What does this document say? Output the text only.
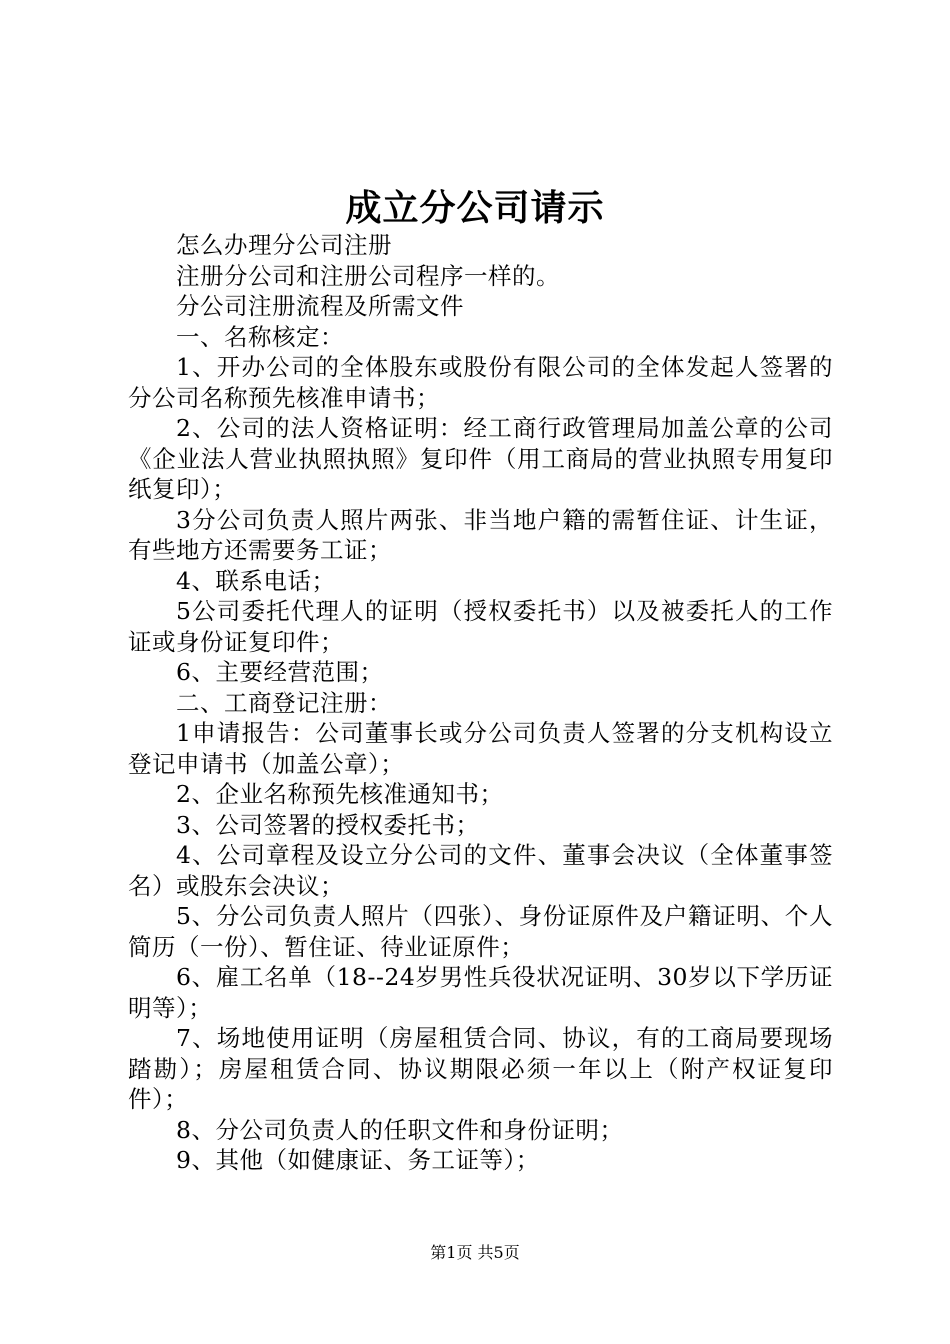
成立分公司请示

怎么办理分公司注册

注册分公司和注册公司程序一样的。

分公司注册流程及所需文件

一、名称核定：

1、开办公司的全体股东或股份有限公司的全体发起人签署的分公司名称预先核准申请书；

2、公司的法人资格证明：经工商行政管理局加盖公章的公司《企业法人营业执照执照》复印件（用工商局的营业执照专用复印纸复印）；

3分公司负责人照片两张、非当地户籍的需暂住证、计生证，有些地方还需要务工证；

4、联系电话；

5公司委托代理人的证明（授权委托书）以及被委托人的工作证或身份证复印件；

6、主要经营范围；

二、工商登记注册：

1申请报告：公司董事长或分公司负责人签署的分支机构设立登记申请书（加盖公章）；

2、企业名称预先核准通知书；

3、公司签署的授权委托书；

4、公司章程及设立分公司的文件、董事会决议（全体董事签名）或股东会决议；

5、分公司负责人照片（四张）、身份证原件及户籍证明、个人简历（一份）、暂住证、待业证原件；

6、雇工名单（18--24岁男性兵役状况证明、30岁以下学历证明等）；

7、场地使用证明（房屋租赁合同、协议，有的工商局要现场踏勘）；房屋租赁合同、协议期限必须一年以上（附产权证复印件）；

8、分公司负责人的任职文件和身份证明；

9、其他（如健康证、务工证等）；

第1页 共5页
